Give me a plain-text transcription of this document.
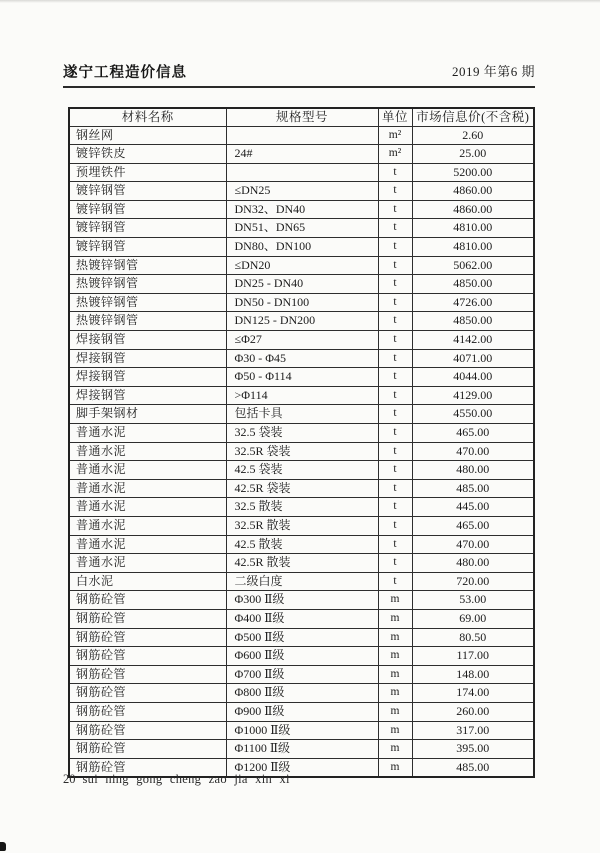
遂宁工程造价信息	2019 年第6 期
材料名称	规格型号	单位	市场信息价(不含税)
钢丝网		m²	2.60
镀锌铁皮	24#	m²	25.00
预埋铁件		t	5200.00
镀锌钢管	≤DN25	t	4860.00
镀锌钢管	DN32、DN40	t	4860.00
镀锌钢管	DN51、DN65	t	4810.00
镀锌钢管	DN80、DN100	t	4810.00
热镀锌钢管	≤DN20	t	5062.00
热镀锌钢管	DN25 - DN40	t	4850.00
热镀锌钢管	DN50 - DN100	t	4726.00
热镀锌钢管	DN125 - DN200	t	4850.00
焊接钢管	≤Φ27	t	4142.00
焊接钢管	Φ30 - Φ45	t	4071.00
焊接钢管	Φ50 - Φ114	t	4044.00
焊接钢管	>Φ114	t	4129.00
脚手架钢材	包括卡具	t	4550.00
普通水泥	32.5 袋装	t	465.00
普通水泥	32.5R 袋装	t	470.00
普通水泥	42.5 袋装	t	480.00
普通水泥	42.5R 袋装	t	485.00
普通水泥	32.5 散装	t	445.00
普通水泥	32.5R 散装	t	465.00
普通水泥	42.5 散装	t	470.00
普通水泥	42.5R 散装	t	480.00
白水泥	二级白度	t	720.00
钢筋砼管	Φ300 Ⅱ级	m	53.00
钢筋砼管	Φ400 Ⅱ级	m	69.00
钢筋砼管	Φ500 Ⅱ级	m	80.50
钢筋砼管	Φ600 Ⅱ级	m	117.00
钢筋砼管	Φ700 Ⅱ级	m	148.00
钢筋砼管	Φ800 Ⅱ级	m	174.00
钢筋砼管	Φ900 Ⅱ级	m	260.00
钢筋砼管	Φ1000 Ⅱ级	m	317.00
钢筋砼管	Φ1100 Ⅱ级	m	395.00
钢筋砼管	Φ1200 Ⅱ级	m	485.00
20 sui ning gong cheng zao jia xin xi
